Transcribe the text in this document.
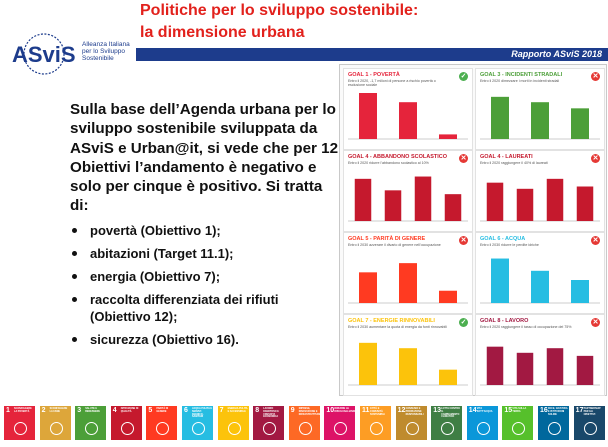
Politiche per lo sviluppo sostenibile:
la dimensione urbana
ASviS Alleanza Italiana
per lo Sviluppo
Sostenibile	Rapporto ASviS 2018

Sulla base dell’Agenda urbana per lo sviluppo sostenibile sviluppata da ASviS e Urban@it, si vede che per 12 Obiettivi l’andamento è negativo e solo per cinque è positivo. Si tratta di:

povertà (Obiettivo 1);
abitazioni (Target 11.1);
energia (Obiettivo 7);
raccolta differenziata dei rifiuti (Obiettivo 12);
sicurezza (Obiettivo 16).
GOAL 1 - POVERTÀ	✓
Entro il 2020, -1,7 milioni di persone a rischio povertà o esclusione sociale
GOAL 3 - INCIDENTI STRADALI	✕
Entro il 2020 dimezzare i morti in incidenti stradali
GOAL 4 - ABBANDONO SCOLASTICO ✕
Entro il 2020 ridurre l'abbandono scolastico al 10%
GOAL 4 - LAUREATI	✕
Entro il 2020 raggiungere il 40% di laureati
GOAL 5 - PARITÀ DI GENERE	✕
Entro il 2030 azzerare il divario di genere nell'occupazione
GOAL 6 - ACQUA	✕
Entro il 2030 ridurre le perdite idriche
GOAL 7 - ENERGIE RINNOVABILI	✓
Entro il 2030 aumentare la quota di energia da fonti rinnovabili
GOAL 8 - LAVORO	✕
Entro il 2020 raggiungere il tasso di occupazione del 75%
1 SCONFIGGERE LA POVERTÀ	2 SCONFIGGERE LA FAME	3 SALUTE E BENESSERE	4 ISTRUZIONE DI QUALITÀ	5 PARITÀ DI GENERE	6 ACQUA PULITA E SERVIZI IGIENICO-SANITARI
7 ENERGIA PULITA E ACCESSIBILE 8 LAVORO DIGNITOSO E CRESCITA ECONOMICA
9 IMPRESE, INNOVAZIONE E INFRASTRUTTURE
10 RIDURRE LE DISUGUAGLIANZE 11 CITTÀ E COMUNITÀ SOSTENIBILI
12 CONSUMO E PRODUZIONE RESPONSABILI
13 LOTTA CONTRO IL CAMBIAMENTO CLIMATICO
14 VITA SOTT'ACQUA	15 VITA SULLA TERRA	16 PACE, GIUSTIZIA E ISTITUZIONI SOLIDE
17 PARTNERSHIP PER GLI OBIETTIVI
